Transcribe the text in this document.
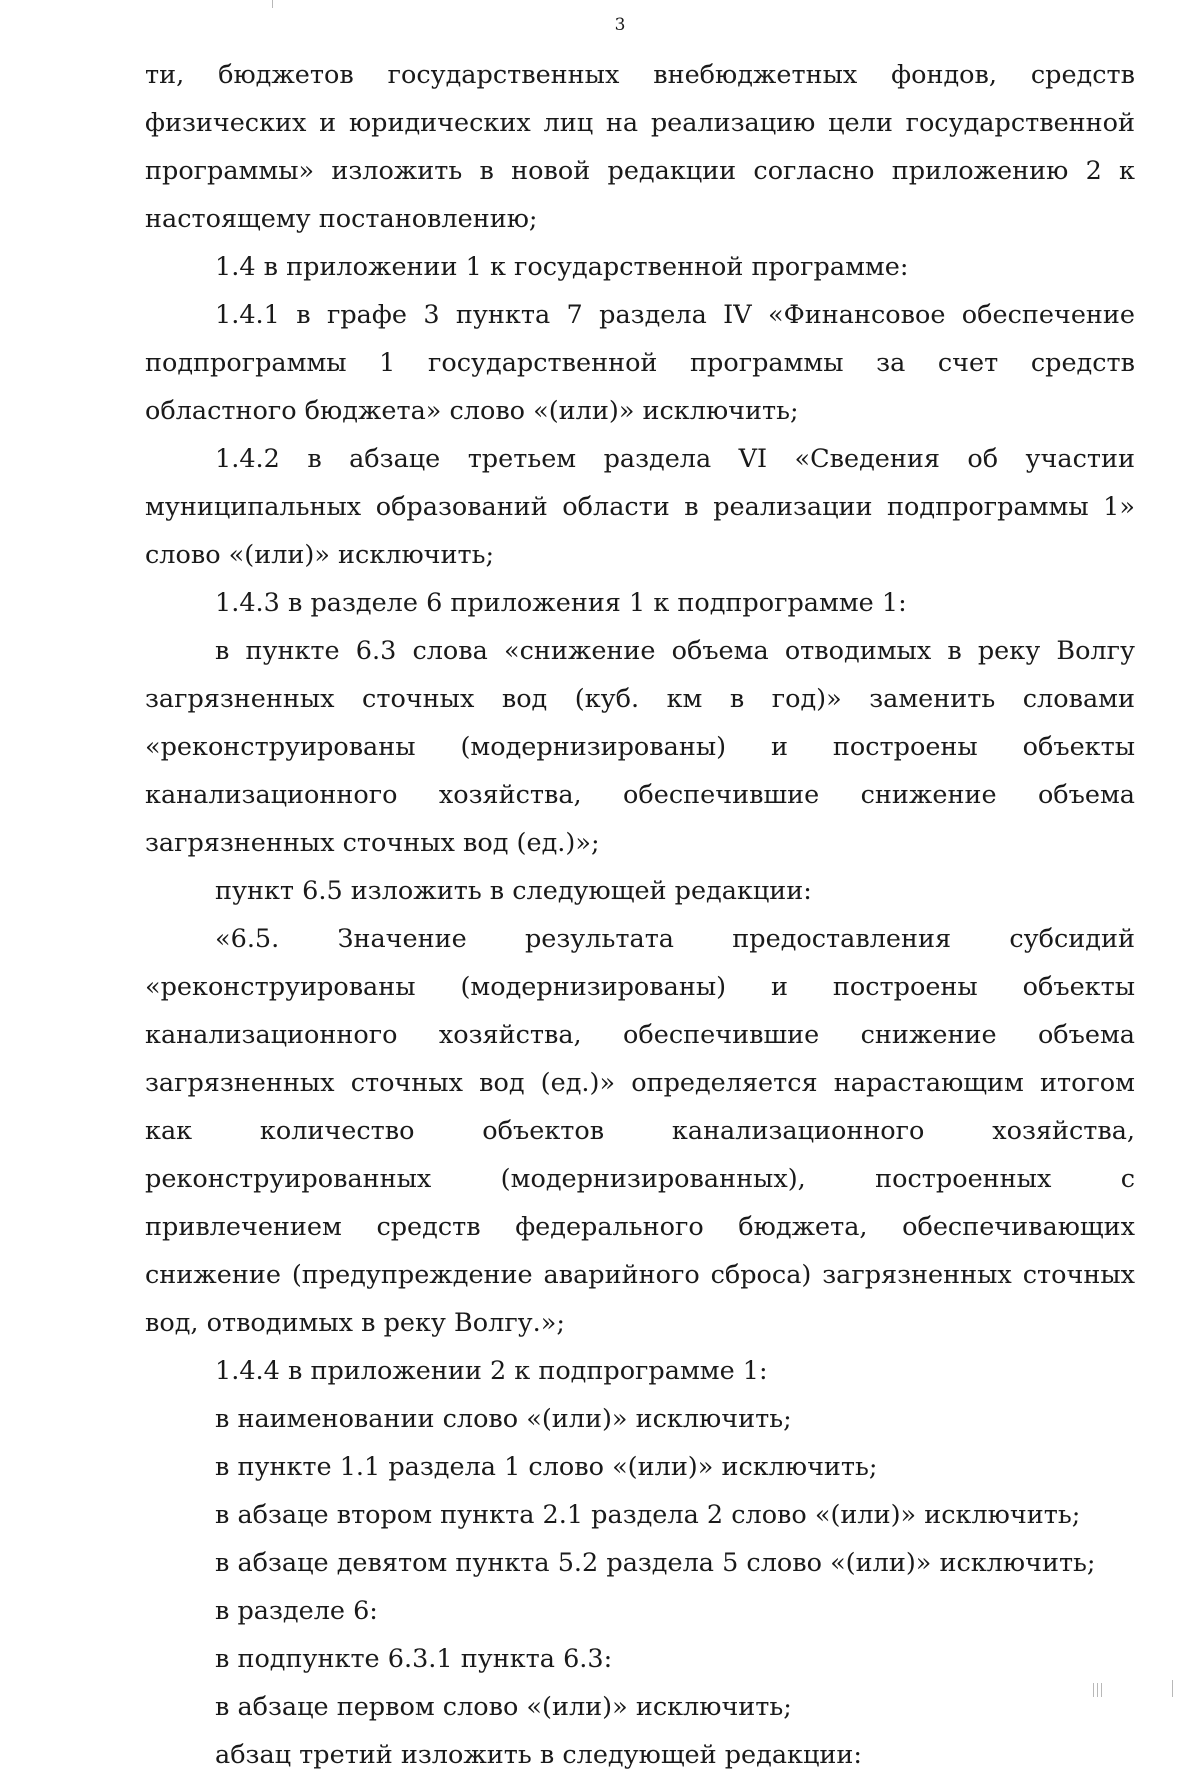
3

ти, бюджетов государственных внебюджетных фондов, средств физических и юридических лиц на реализацию цели государственной программы» изложить в новой редакции согласно приложению 2 к настоящему постановлению;

1.4 в приложении 1 к государственной программе:

1.4.1 в графе 3 пункта 7 раздела IV «Финансовое обеспечение подпрограммы 1 государственной программы за счет средств областного бюджета» слово «(или)» исключить;

1.4.2 в абзаце третьем раздела VI «Сведения об участии муниципальных образований области в реализации подпрограммы 1» слово «(или)» исключить;

1.4.3 в разделе 6 приложения 1 к подпрограмме 1:

в пункте 6.3 слова «снижение объема отводимых в реку Волгу загрязненных сточных вод (куб. км в год)» заменить словами «реконструированы (модернизированы) и построены объекты канализационного хозяйства, обеспечившие снижение объема загрязненных сточных вод (ед.)»;

пункт 6.5 изложить в следующей редакции:

«6.5. Значение результата предоставления субсидий «реконструированы (модернизированы) и построены объекты канализационного хозяйства, обеспечившие снижение объема загрязненных сточных вод (ед.)» определяется нарастающим итогом как количество объектов канализационного хозяйства, реконструированных (модернизированных), построенных с привлечением средств федерального бюджета, обеспечивающих снижение (предупреждение аварийного сброса) загрязненных сточных вод, отводимых в реку Волгу.»;

1.4.4 в приложении 2 к подпрограмме 1:

в наименовании слово «(или)» исключить;

в пункте 1.1 раздела 1 слово «(или)» исключить;

в абзаце втором пункта 2.1 раздела 2 слово «(или)» исключить;

в абзаце девятом пункта 5.2 раздела 5 слово «(или)» исключить;

в разделе 6:

в подпункте 6.3.1 пункта 6.3:

в абзаце первом слово «(или)» исключить;

абзац третий изложить в следующей редакции:
